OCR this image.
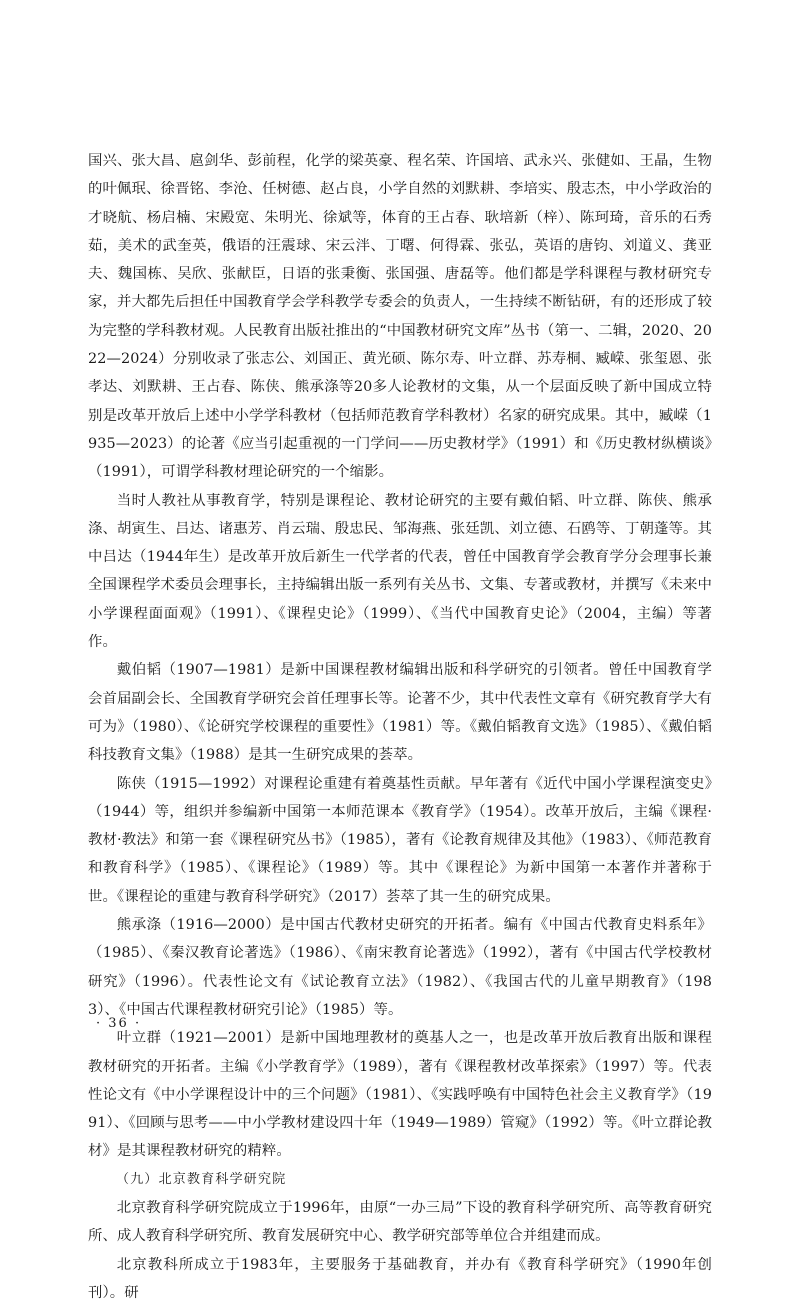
国兴、张大昌、扈剑华、彭前程，化学的梁英豪、程名荣、许国培、武永兴、张健如、王晶，生物的叶佩珉、徐晋铭、李沧、任树德、赵占良，小学自然的刘默耕、李培实、殷志杰，中小学政治的才晓航、杨启楠、宋殿宽、朱明光、徐斌等，体育的王占春、耿培新（梓）、陈珂琦，音乐的石秀茹，美术的武奎英，俄语的汪震球、宋云泮、丁曙、何得霖、张弘，英语的唐钧、刘道义、龚亚夫、魏国栋、吴欣、张献臣，日语的张秉衡、张国强、唐磊等。他们都是学科课程与教材研究专家，并大都先后担任中国教育学会学科教学专委会的负责人，一生持续不断钻研，有的还形成了较为完整的学科教材观。人民教育出版社推出的“中国教材研究文库”丛书（第一、二辑，2020、2022—2024）分别收录了张志公、刘国正、黄光硕、陈尔寿、叶立群、苏寿桐、臧嵘、张玺恩、张孝达、刘默耕、王占春、陈侠、熊承涤等20多人论教材的文集，从一个层面反映了新中国成立特别是改革开放后上述中小学学科教材（包括师范教育学科教材）名家的研究成果。其中，臧嵘（1935—2023）的论著《应当引起重视的一门学问——历史教材学》（1991）和《历史教材纵横谈》（1991），可谓学科教材理论研究的一个缩影。

当时人教社从事教育学，特别是课程论、教材论研究的主要有戴伯韬、叶立群、陈侠、熊承涤、胡寅生、吕达、诸惠芳、肖云瑞、殷忠民、邹海燕、张廷凯、刘立德、石鸥等、丁朝蓬等。其中吕达（1944年生）是改革开放后新生一代学者的代表，曾任中国教育学会教育学分会理事长兼全国课程学术委员会理事长，主持编辑出版一系列有关丛书、文集、专著或教材，并撰写《未来中小学课程面面观》（1991）、《课程史论》（1999）、《当代中国教育史论》（2004，主编）等著作。

戴伯韬（1907—1981）是新中国课程教材编辑出版和科学研究的引领者。曾任中国教育学会首届副会长、全国教育学研究会首任理事长等。论著不少，其中代表性文章有《研究教育学大有可为》（1980）、《论研究学校课程的重要性》（1981）等。《戴伯韬教育文选》（1985）、《戴伯韬科技教育文集》（1988）是其一生研究成果的荟萃。

陈侠（1915—1992）对课程论重建有着奠基性贡献。早年著有《近代中国小学课程演变史》（1944）等，组织并参编新中国第一本师范课本《教育学》（1954）。改革开放后，主编《课程·教材·教法》和第一套《课程研究丛书》（1985），著有《论教育规律及其他》（1983）、《师范教育和教育科学》（1985）、《课程论》（1989）等。其中《课程论》为新中国第一本著作并著称于世。《课程论的重建与教育科学研究》（2017）荟萃了其一生的研究成果。

熊承涤（1916—2000）是中国古代教材史研究的开拓者。编有《中国古代教育史料系年》（1985）、《秦汉教育论著选》（1986）、《南宋教育论著选》（1992），著有《中国古代学校教材研究》（1996）。代表性论文有《试论教育立法》（1982）、《我国古代的儿童早期教育》（1983）、《中国古代课程教材研究引论》（1985）等。

叶立群（1921—2001）是新中国地理教材的奠基人之一，也是改革开放后教育出版和课程教材研究的开拓者。主编《小学教育学》（1989），著有《课程教材改革探索》（1997）等。代表性论文有《中小学课程设计中的三个问题》（1981）、《实践呼唤有中国特色社会主义教育学》（1991）、《回顾与思考——中小学教材建设四十年（1949—1989）管窥》（1992）等。《叶立群论教材》是其课程教材研究的精粹。

（九）北京教育科学研究院

北京教育科学研究院成立于1996年，由原“一办三局”下设的教育科学研究所、高等教育研究所、成人教育科学研究所、教育发展研究中心、教学研究部等单位合并组建而成。

北京教科所成立于1983年，主要服务于基础教育，并办有《教育科学研究》（1990年创刊）。研

· 36 ·
